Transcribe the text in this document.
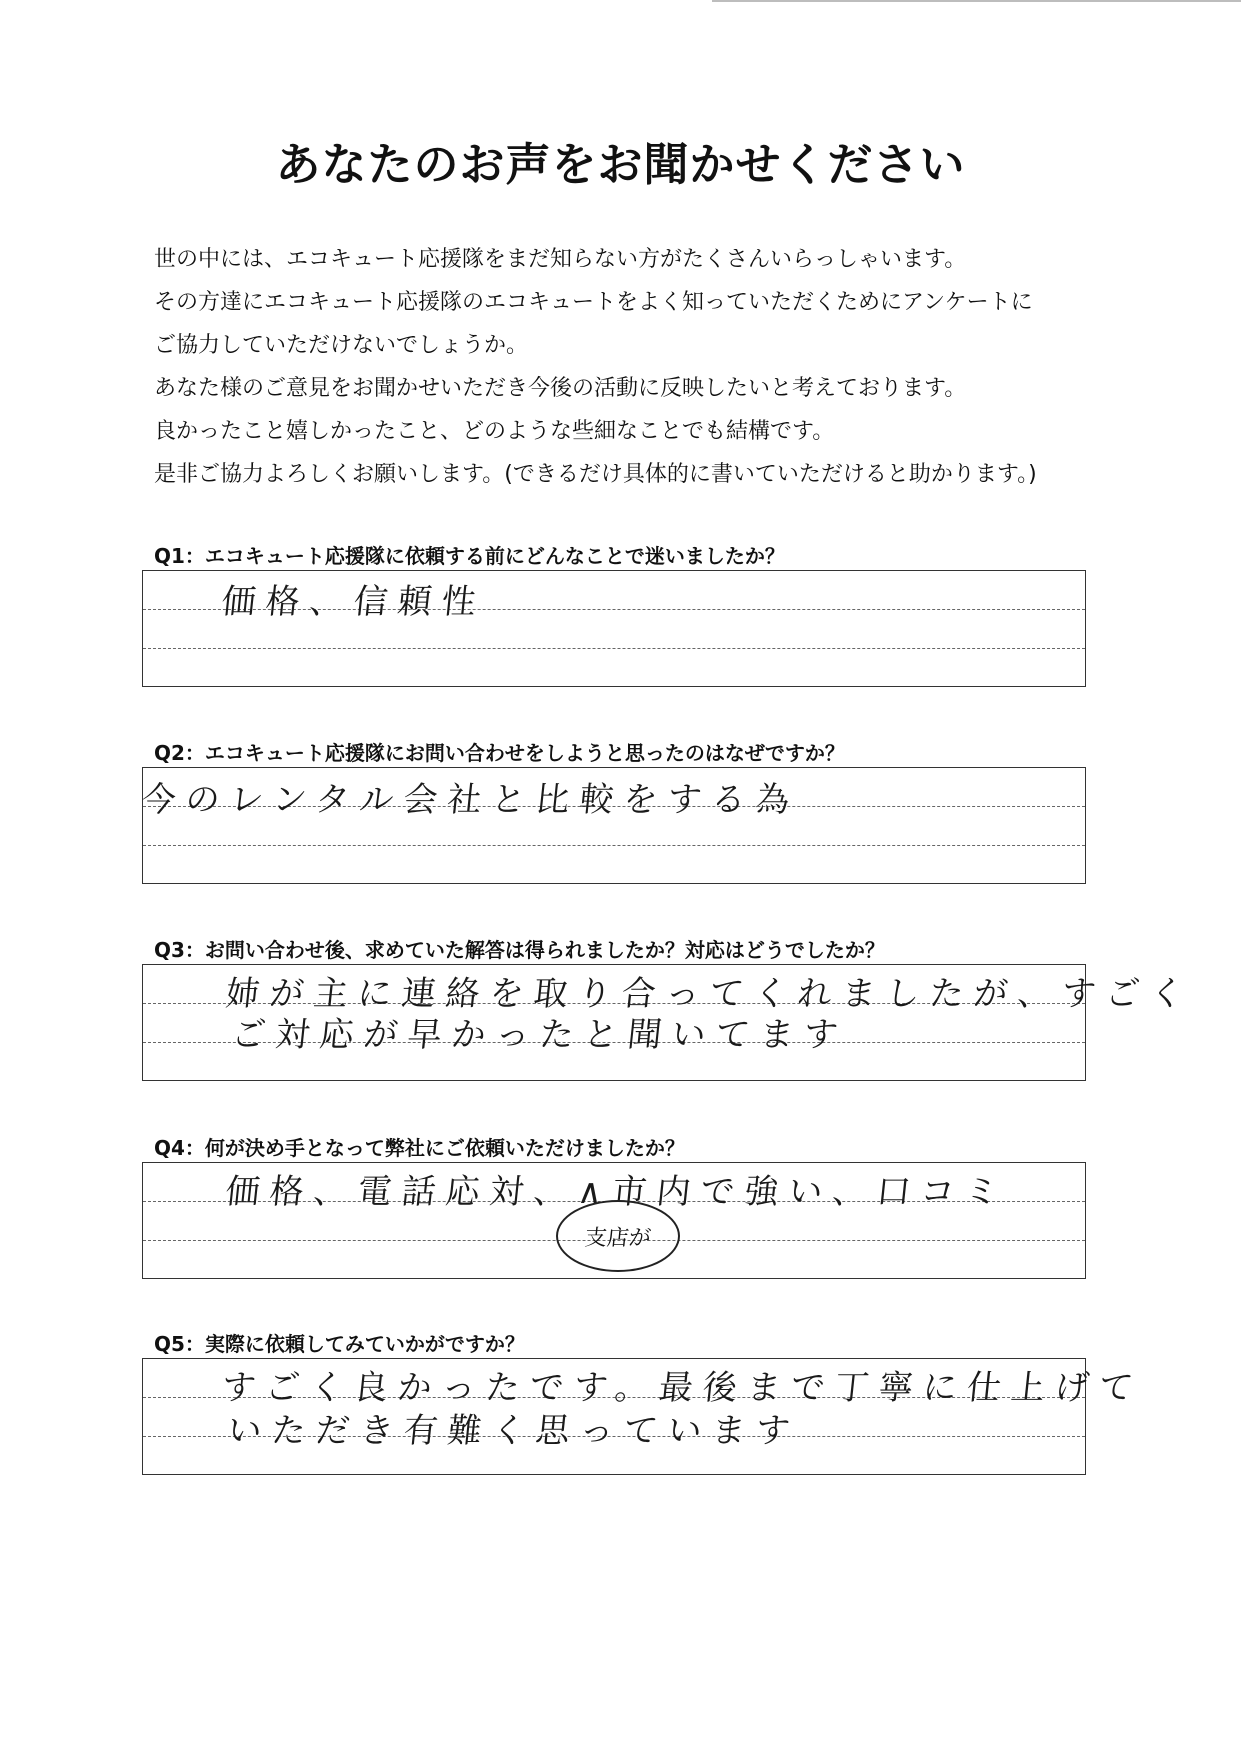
あなたのお声をお聞かせください

世の中には、エコキュート応援隊をまだ知らない方がたくさんいらっしゃいます。

その方達にエコキュート応援隊のエコキュートをよく知っていただくためにアンケートに

ご協力していただけないでしょうか。

あなた様のご意見をお聞かせいただき今後の活動に反映したいと考えております。

良かったこと嬉しかったこと、どのような些細なことでも結構です。

是非ご協力よろしくお願いします。(できるだけ具体的に書いていただけると助かります。)

Q1：エコキュート応援隊に依頼する前にどんなことで迷いましたか？

価格、信頼性

Q2：エコキュート応援隊にお問い合わせをしようと思ったのはなぜですか？

今のレンタル会社と比較をする為

Q3：お問い合わせ後、求めていた解答は得られましたか？対応はどうでしたか？

姉が主に連絡を取り合ってくれましたが、すごく
ご対応が早かったと聞いてます

Q4：何が決め手となって弊社にご依頼いただけましたか？

価格、電話応対、∧市内で強い、口コミ
支店が

Q5：実際に依頼してみていかがですか？

すごく良かったです。最後まで丁寧に仕上げて
いただき有難く思っています
